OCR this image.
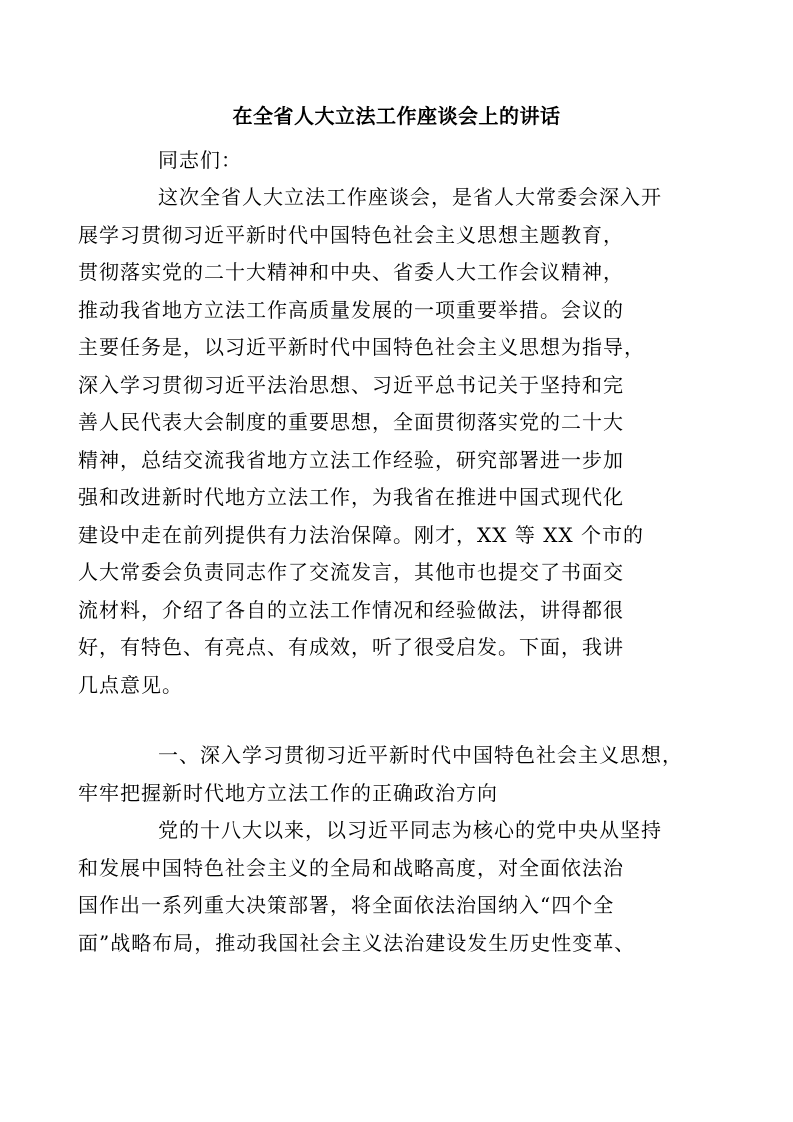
在全省人大立法工作座谈会上的讲话
同志们：
这次全省人大立法工作座谈会，是省人大常委会深入开
展学习贯彻习近平新时代中国特色社会主义思想主题教育，
贯彻落实党的二十大精神和中央、省委人大工作会议精神，
推动我省地方立法工作高质量发展的一项重要举措。会议的
主要任务是，以习近平新时代中国特色社会主义思想为指导，
深入学习贯彻习近平法治思想、习近平总书记关于坚持和完
善人民代表大会制度的重要思想，全面贯彻落实党的二十大
精神，总结交流我省地方立法工作经验，研究部署进一步加
强和改进新时代地方立法工作，为我省在推进中国式现代化
建设中走在前列提供有力法治保障。刚才，XX 等 XX 个市的
人大常委会负责同志作了交流发言，其他市也提交了书面交
流材料，介绍了各自的立法工作情况和经验做法，讲得都很
好，有特色、有亮点、有成效，听了很受启发。下面，我讲
几点意见。
一、深入学习贯彻习近平新时代中国特色社会主义思想，
牢牢把握新时代地方立法工作的正确政治方向
党的十八大以来，以习近平同志为核心的党中央从坚持
和发展中国特色社会主义的全局和战略高度，对全面依法治
国作出一系列重大决策部署，将全面依法治国纳入“四个全
面”战略布局，推动我国社会主义法治建设发生历史性变革、
